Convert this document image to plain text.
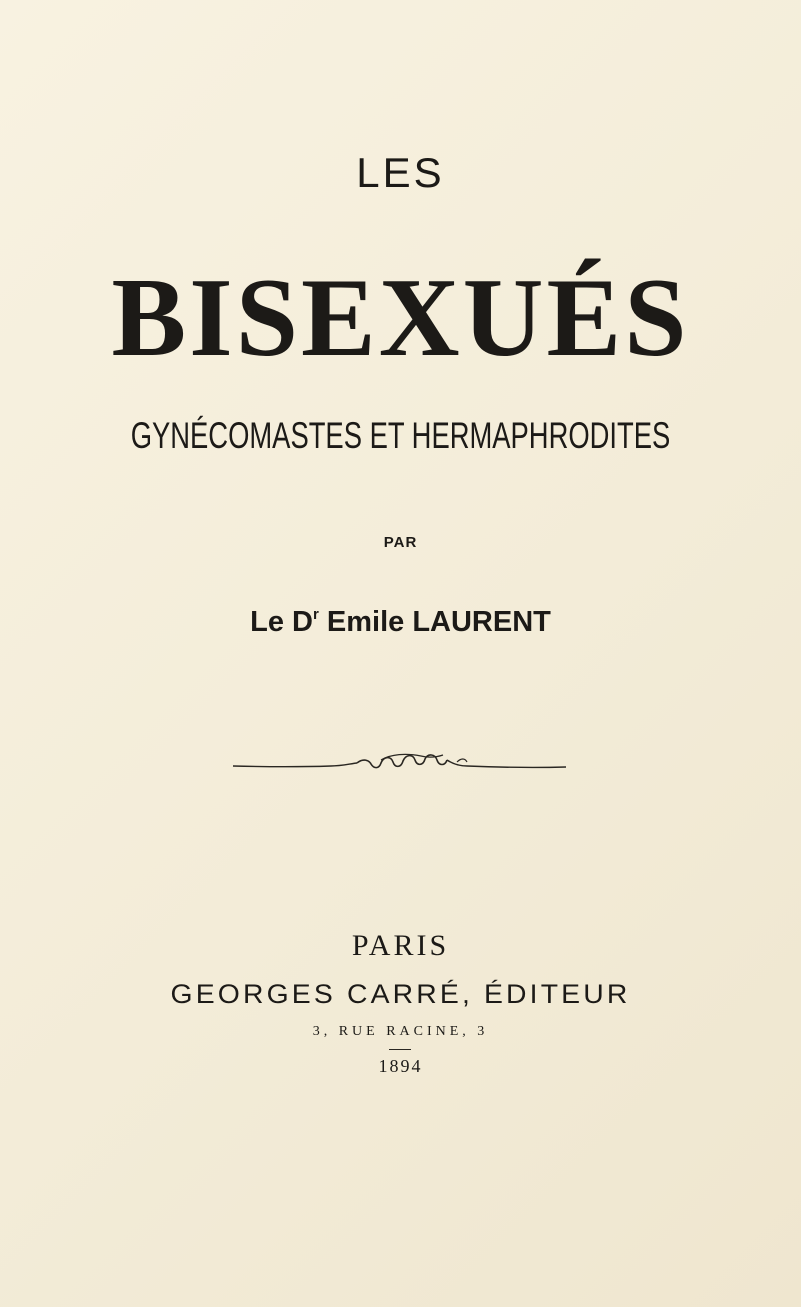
LES
BISEXUÉS
GYNÉCOMASTES ET HERMAPHRODITES
PAR
Le $D^r$ Emile LAURENT
PARIS
GEORGES CARRÉ, ÉDITEUR
3, RUE RACINE, 3
1894
